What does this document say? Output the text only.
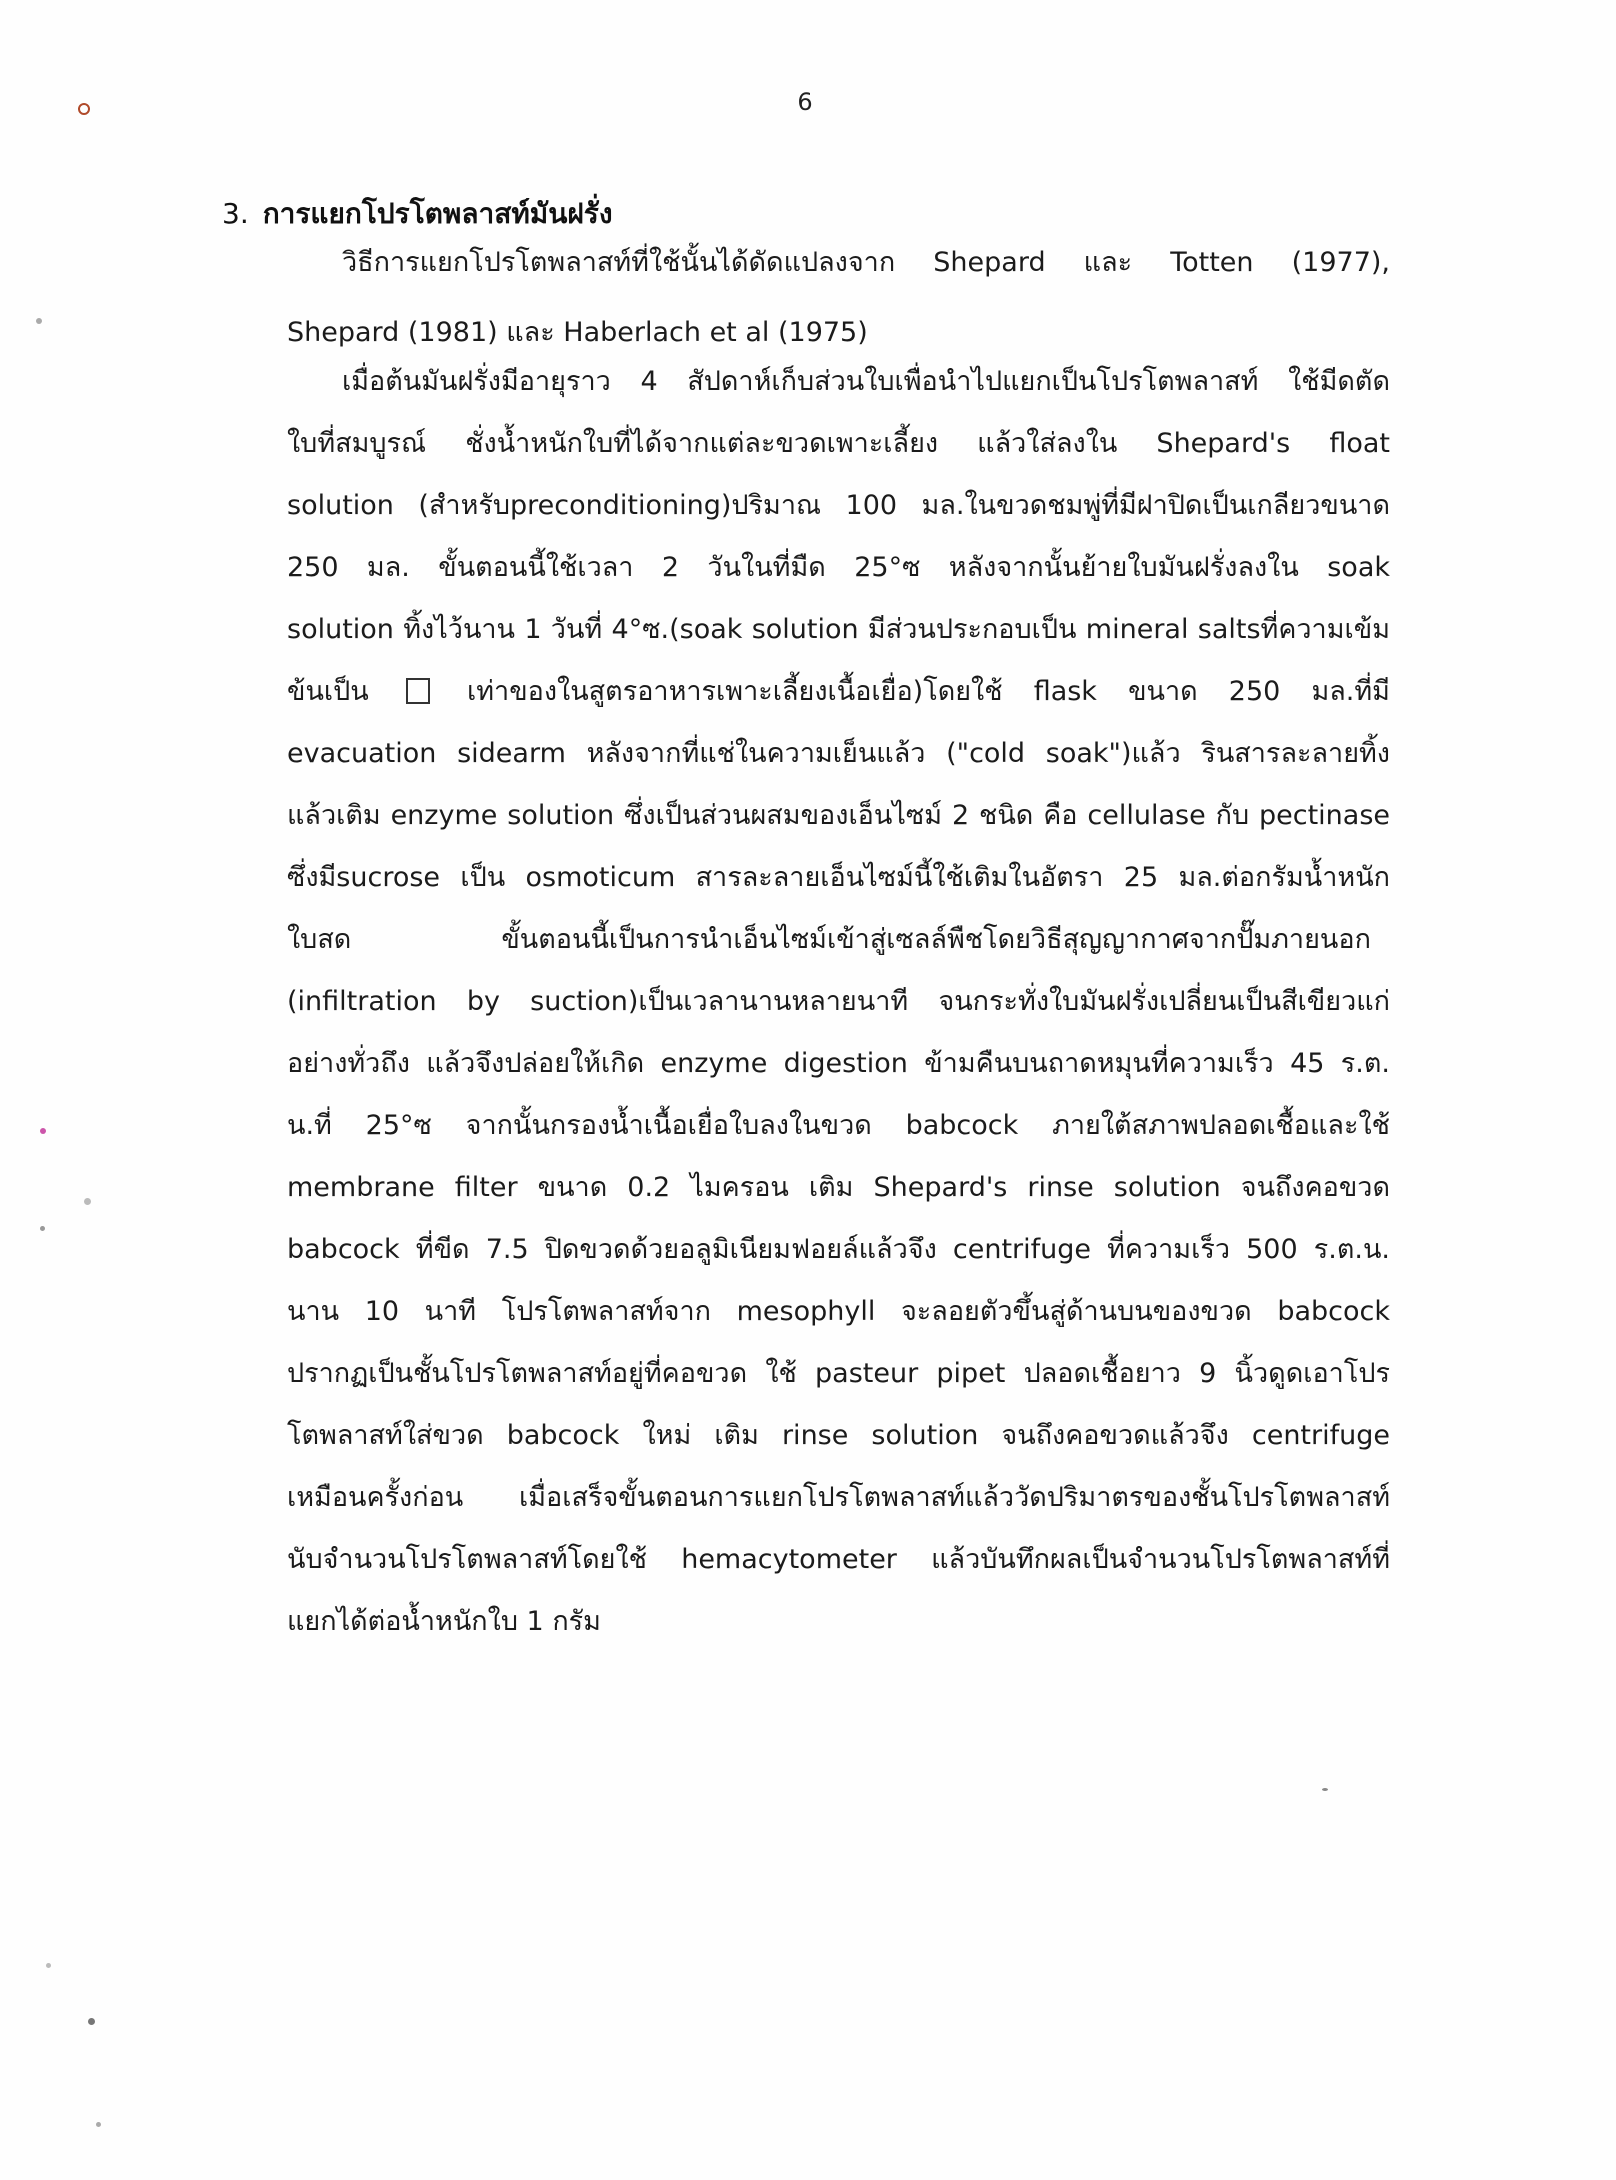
6
3. การแยกโปรโตพลาสท์มันฝรั่ง
วิธีการแยกโปรโตพลาสท์ที่ใช้นั้นได้ดัดแปลงจาก Shepard และ Totten (1977),
Shepard (1981) และ Haberlach et al (1975)
เมื่อต้นมันฝรั่งมีอายุราว 4 สัปดาห์เก็บส่วนใบเพื่อนำไปแยกเป็นโปรโตพลาสท์ ใช้มีดตัด
ใบที่สมบูรณ์ ชั่งน้ำหนักใบที่ได้จากแต่ละขวดเพาะเลี้ยง แล้วใส่ลงใน Shepard's float
solution (สำหรับpreconditioning)ปริมาณ 100 มล.ในขวดชมพู่ที่มีฝาปิดเป็นเกลียวขนาด
250 มล. ขั้นตอนนี้ใช้เวลา 2 วันในที่มืด 25°ซ หลังจากนั้นย้ายใบมันฝรั่งลงใน soak
solution ทิ้งไว้นาน 1 วันที่ 4°ซ.(soak solution มีส่วนประกอบเป็น mineral saltsที่ความเข้ม
ข้นเป็น	เท่าของในสูตรอาหารเพาะเลี้ยงเนื้อเยื่อ)โดยใช้ flask ขนาด 250 มล.ที่มี
evacuation sidearm หลังจากที่แช่ในความเย็นแล้ว ("cold soak")แล้ว รินสารละลายทิ้ง
แล้วเติม enzyme solution ซึ่งเป็นส่วนผสมของเอ็นไซม์ 2 ชนิด คือ cellulase กับ pectinase
ซึ่งมีsucrose เป็น osmoticum สารละลายเอ็นไซม์นี้ใช้เติมในอัตรา 25 มล.ต่อกรัมน้ำหนัก
ใบสด	ขั้นตอนนี้เป็นการนำเอ็นไซม์เข้าสู่เซลล์พืชโดยวิธีสุญญากาศจากปั๊มภายนอก
(infiltration by suction)เป็นเวลานานหลายนาที จนกระทั่งใบมันฝรั่งเปลี่ยนเป็นสีเขียวแก่
อย่างทั่วถึง แล้วจึงปล่อยให้เกิด enzyme digestion ข้ามคืนบนถาดหมุนที่ความเร็ว 45 ร.ต.
น.ที่ 25°ซ จากนั้นกรองน้ำเนื้อเยื่อใบลงในขวด babcock ภายใต้สภาพปลอดเชื้อและใช้
membrane filter ขนาด 0.2 ไมครอน เติม Shepard's rinse solution จนถึงคอขวด
babcock ที่ขีด 7.5 ปิดขวดด้วยอลูมิเนียมฟอยล์แล้วจึง centrifuge ที่ความเร็ว 500 ร.ต.น.
นาน 10 นาที โปรโตพลาสท์จาก mesophyll จะลอยตัวขึ้นสู่ด้านบนของขวด babcock
ปรากฏเป็นชั้นโปรโตพลาสท์อยู่ที่คอขวด ใช้ pasteur pipet ปลอดเชื้อยาว 9 นิ้วดูดเอาโปร
โตพลาสท์ใส่ขวด babcock ใหม่ เติม rinse solution จนถึงคอขวดแล้วจึง centrifuge
เหมือนครั้งก่อน เมื่อเสร็จขั้นตอนการแยกโปรโตพลาสท์แล้ววัดปริมาตรของชั้นโปรโตพลาสท์
นับจำนวนโปรโตพลาสท์โดยใช้ hemacytometer แล้วบันทึกผลเป็นจำนวนโปรโตพลาสท์ที่
แยกได้ต่อน้ำหนักใบ 1 กรัม
